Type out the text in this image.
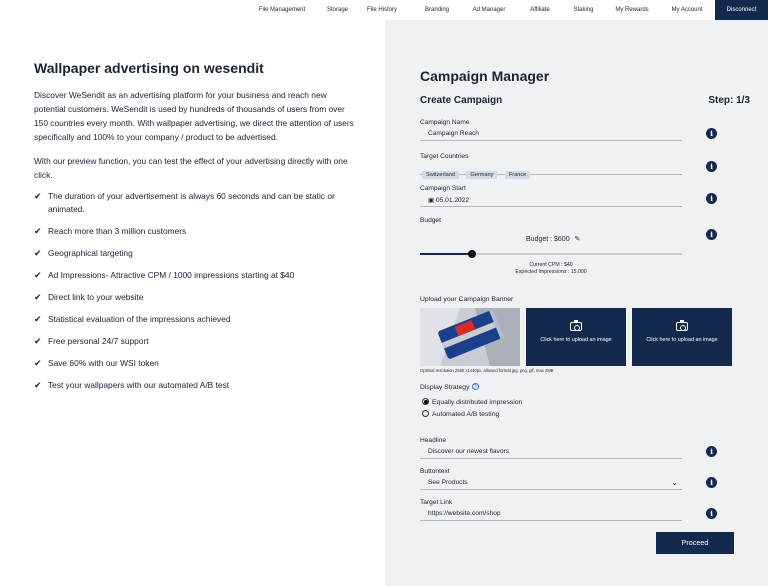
File Management	Storage	File History	Branding	Ad Manager	Affiliate	Staking	My Rewards	My Account	Disconnect
Wallpaper advertising on wesendit

Discover WeSendit as an advertising platform for your business and reach new potential customers. WeSendit is used by hundreds of thousands of users from over 150 countries every month. With wallpaper advertising, we direct the attention of users specifically and 100% to your company / product to be advertised.

With our preview function, you can test the effect of your advertising directly with one click.

✔ The duration of your advertisement is always 60 seconds and can be static or animated.
✔ Reach more than 3 million customers
✔ Geographical targeting
✔ Ad Impressions- Attractive CPM / 1000 impressions starting at $40
✔ Direct link to your website
✔ Statistical evaluation of the impressions achieved
✔ Free personal 24/7 support
✔ Save 60% with our WSI token
✔ Test your wallpapers with our automated A/B test
Campaign Manager
Create Campaign	Step: 1/3
Campaign Name
Campaign Reach	i
Target Countries
Switzerland	Germany	France
i
Campaign Start
▣ 05.01.2022	i
Budget
i
Budget : $600 ✎
Current CPM : $40
Expected Impressions : 15.000
Upload your Campaign Banner
Click here to upload an image	Click here to upload an image
Optimal resolution 2560 x1440px, allowed format jpg, png, gif, max 2MB
Display Strategy ?
Equally distributed impression
Automated A/B testing
Headline
Discover our newest flavors	i
Buttontext
See Products	⌄	i
Target Link
https://website.com/shop	i
Proceed
